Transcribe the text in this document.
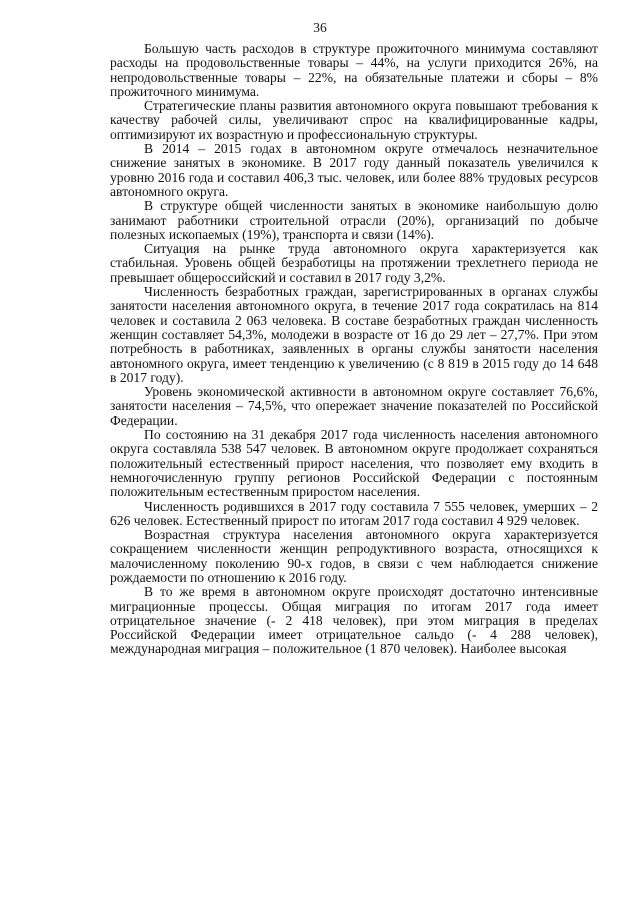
36

Большую часть расходов в структуре прожиточного минимума составляют расходы на продовольственные товары – 44%, на услуги приходится 26%, на непродовольственные товары – 22%, на обязательные платежи и сборы – 8% прожиточного минимума.

Стратегические планы развития автономного округа повышают требования к качеству рабочей силы, увеличивают спрос на квалифицированные кадры, оптимизируют их возрастную и профессиональную структуры.

В 2014 – 2015 годах в автономном округе отмечалось незначительное снижение занятых в экономике. В 2017 году данный показатель увеличился к уровню 2016 года и составил 406,3 тыс. человек, или более 88% трудовых ресурсов автономного округа.

В структуре общей численности занятых в экономике наибольшую долю занимают работники строительной отрасли (20%), организаций по добыче полезных ископаемых (19%), транспорта и связи (14%).

Ситуация на рынке труда автономного округа характеризуется как стабильная. Уровень общей безработицы на протяжении трехлетнего периода не превышает общероссийский и составил в 2017 году 3,2%.

Численность безработных граждан, зарегистрированных в органах службы занятости населения автономного округа, в течение 2017 года сократилась на 814 человек и составила 2 063 человека. В составе безработных граждан численность женщин составляет 54,3%, молодежи в возрасте от 16 до 29 лет – 27,7%. При этом потребность в работниках, заявленных в органы службы занятости населения автономного округа, имеет тенденцию к увеличению (с 8 819 в 2015 году до 14 648 в 2017 году).

Уровень экономической активности в автономном округе составляет 76,6%, занятости населения – 74,5%, что опережает значение показателей по Российской Федерации.

По состоянию на 31 декабря 2017 года численность населения автономного округа составляла 538 547 человек. В автономном округе продолжает сохраняться положительный естественный прирост населения, что позволяет ему входить в немногочисленную группу регионов Российской Федерации с постоянным положительным естественным приростом населения.

Численность родившихся в 2017 году составила 7 555 человек, умерших – 2 626 человек. Естественный прирост по итогам 2017 года составил 4 929 человек.

Возрастная структура населения автономного округа характеризуется сокращением численности женщин репродуктивного возраста, относящихся к малочисленному поколению 90-х годов, в связи с чем наблюдается снижение рождаемости по отношению к 2016 году.

В то же время в автономном округе происходят достаточно интенсивные миграционные процессы. Общая миграция по итогам 2017 года имеет отрицательное значение (- 2 418 человек), при этом миграция в пределах Российской Федерации имеет отрицательное сальдо (- 4 288 человек), международная миграция – положительное (1 870 человек). Наиболее высокая
